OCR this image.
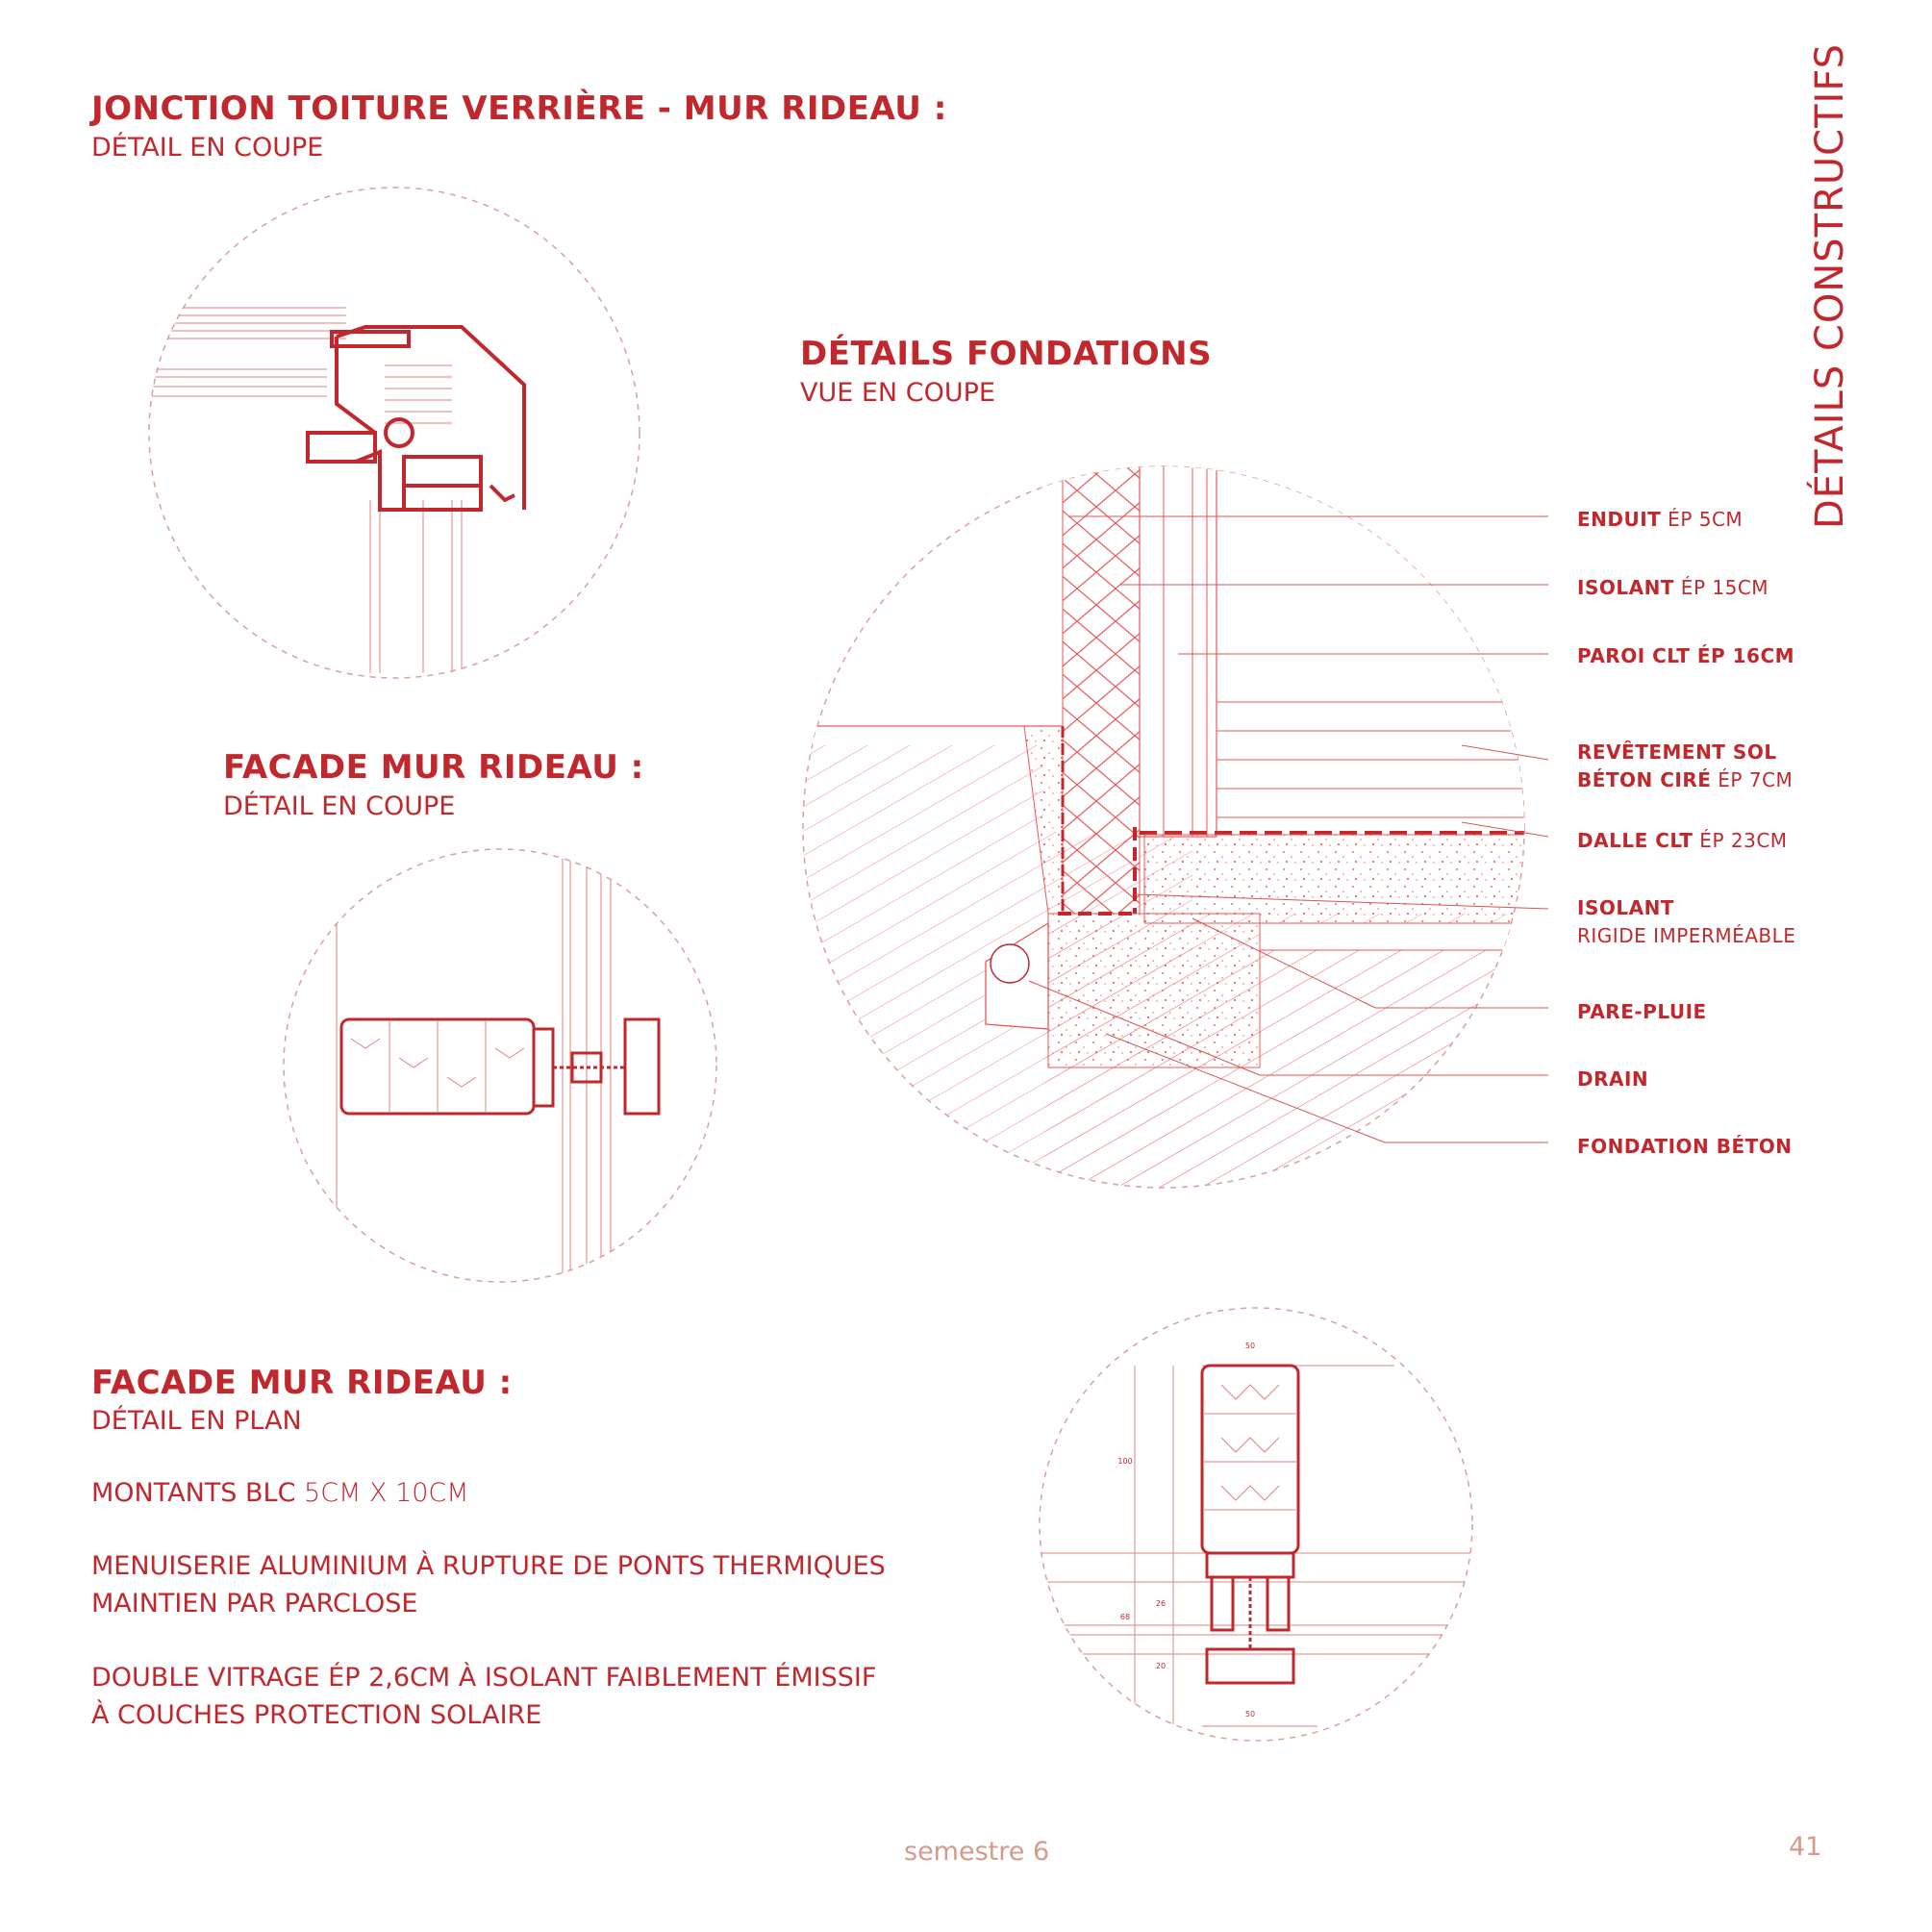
50
100
68
26
20
50
JONCTION TOITURE VERRIÈRE - MUR RIDEAU :
DÉTAIL EN COUPE
DÉTAILS FONDATIONS
VUE EN COUPE
FACADE MUR RIDEAU :
DÉTAIL EN COUPE
FACADE MUR RIDEAU :
DÉTAIL EN PLAN
MONTANTS BLC 5CM X 10CM
MENUISERIE ALUMINIUM À RUPTURE DE PONTS THERMIQUES
MAINTIEN PAR PARCLOSE
DOUBLE VITRAGE ÉP 2,6CM À ISOLANT FAIBLEMENT ÉMISSIF
À COUCHES PROTECTION SOLAIRE
ENDUIT ÉP 5CM
ISOLANT ÉP 15CM
PAROI CLT ÉP 16CM
REVÊTEMENT SOL
BÉTON CIRÉ ÉP 7CM
DALLE CLT ÉP 23CM
ISOLANT
RIGIDE IMPERMÉABLE
PARE-PLUIE
DRAIN
FONDATION BÉTON
DÉTAILS CONSTRUCTIFS
semestre 6	41
